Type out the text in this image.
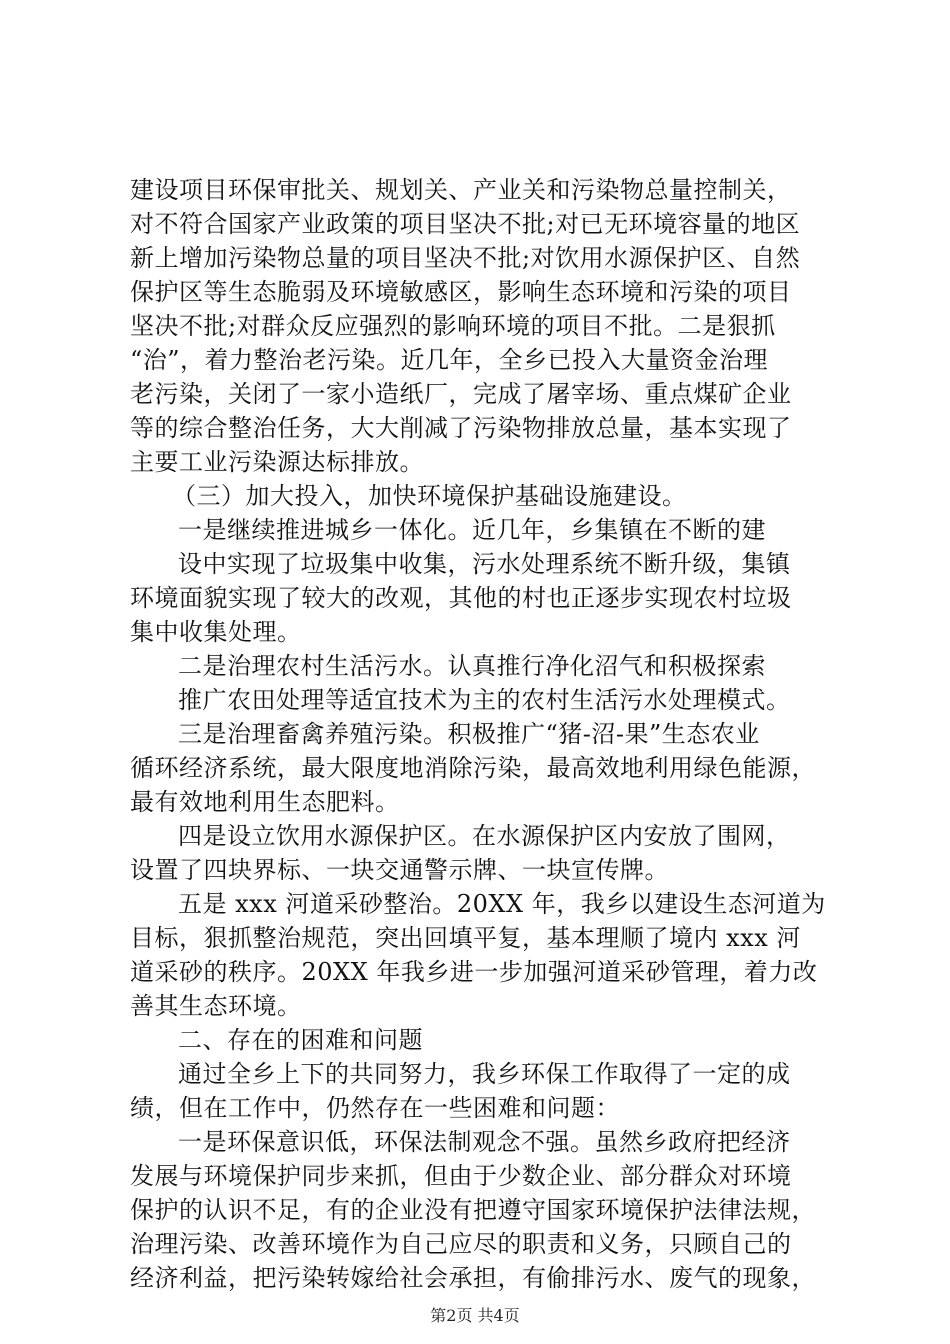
建设项目环保审批关、规划关、产业关和污染物总量控制关，
对不符合国家产业政策的项目坚决不批;对已无环境容量的地区
新上增加污染物总量的项目坚决不批;对饮用水源保护区、自然
保护区等生态脆弱及环境敏感区，影响生态环境和污染的项目
坚决不批;对群众反应强烈的影响环境的项目不批。二是狠抓
“治”，着力整治老污染。近几年，全乡已投入大量资金治理
老污染，关闭了一家小造纸厂，完成了屠宰场、重点煤矿企业
等的综合整治任务，大大削减了污染物排放总量，基本实现了
主要工业污染源达标排放。
（三）加大投入，加快环境保护基础设施建设。
一是继续推进城乡一体化。近几年，乡集镇在不断的建
设中实现了垃圾集中收集，污水处理系统不断升级，集镇
环境面貌实现了较大的改观，其他的村也正逐步实现农村垃圾
集中收集处理。
二是治理农村生活污水。认真推行净化沼气和积极探索
推广农田处理等适宜技术为主的农村生活污水处理模式。
三是治理畜禽养殖污染。积极推广“猪-沼-果”生态农业
循环经济系统，最大限度地消除污染，最高效地利用绿色能源，
最有效地利用生态肥料。
四是设立饮用水源保护区。在水源保护区内安放了围网，
设置了四块界标、一块交通警示牌、一块宣传牌。
五是 xxx 河道采砂整治。20XX 年，我乡以建设生态河道为
目标，狠抓整治规范，突出回填平复，基本理顺了境内 xxx 河
道采砂的秩序。20XX 年我乡进一步加强河道采砂管理，着力改
善其生态环境。
二、存在的困难和问题
通过全乡上下的共同努力，我乡环保工作取得了一定的成
绩，但在工作中，仍然存在一些困难和问题：
一是环保意识低，环保法制观念不强。虽然乡政府把经济
发展与环境保护同步来抓，但由于少数企业、部分群众对环境
保护的认识不足，有的企业没有把遵守国家环境保护法律法规，
治理污染、改善环境作为自己应尽的职责和义务，只顾自己的
经济利益，把污染转嫁给社会承担，有偷排污水、废气的现象，
第2页 共4页
